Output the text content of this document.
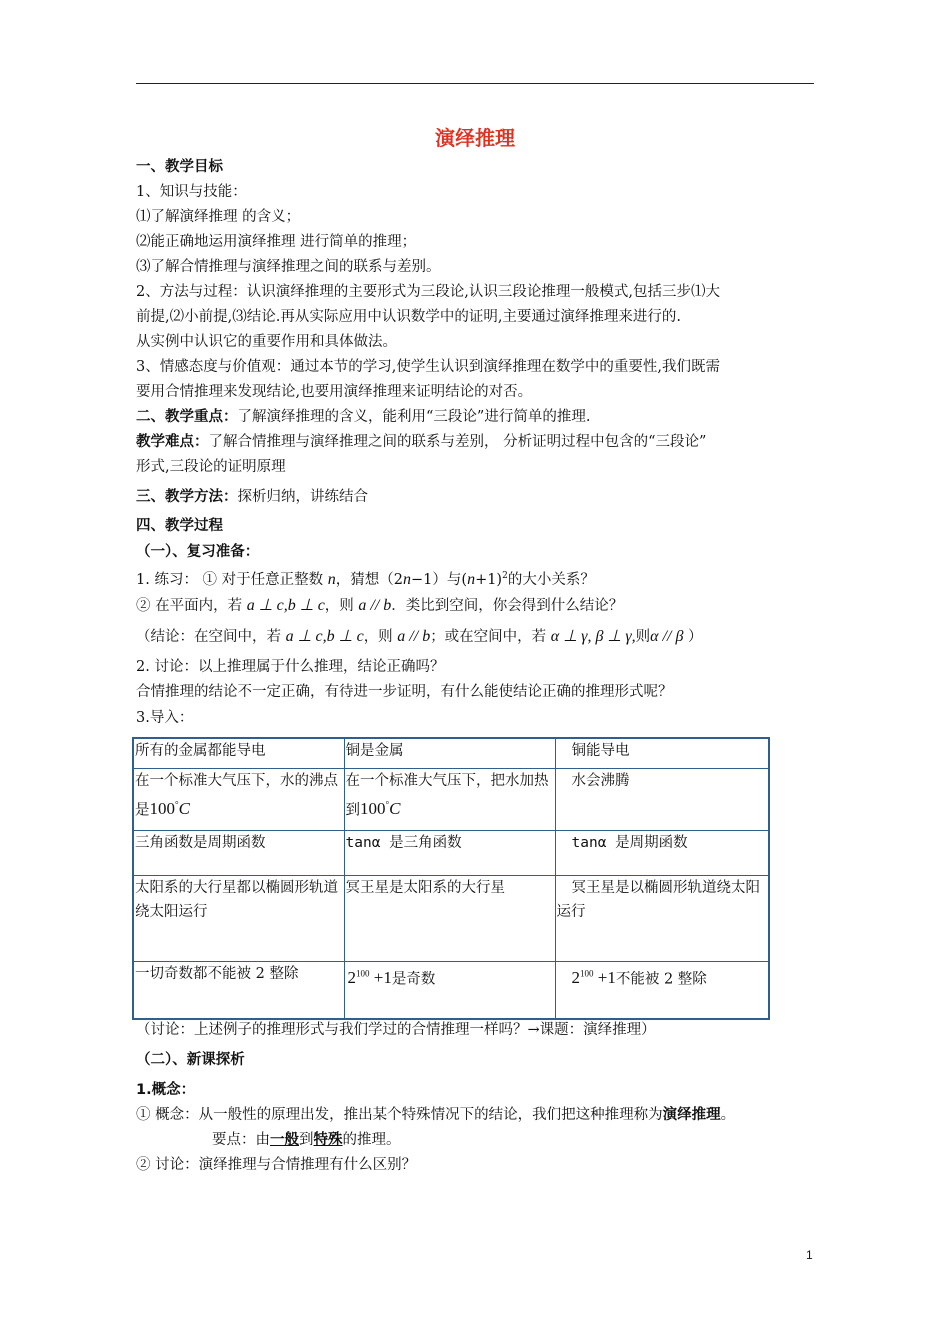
演绎推理
一、教学目标
1、知识与技能：
⑴了解演绎推理 的含义；
⑵能正确地运用演绎推理 进行简单的推理；
⑶了解合情推理与演绎推理之间的联系与差别。
2、方法与过程：认识演绎推理的主要形式为三段论,认识三段论推理一般模式,包括三步⑴大
前提,⑵小前提,⑶结论.再从实际应用中认识数学中的证明,主要通过演绎推理来进行的.
从实例中认识它的重要作用和具体做法。
3、情感态度与价值观：通过本节的学习,使学生认识到演绎推理在数学中的重要性,我们既需
要用合情推理来发现结论,也要用演绎推理来证明结论的对否。
二、教学重点：了解演绎推理的含义，能利用“三段论”进行简单的推理.
教学难点：了解合情推理与演绎推理之间的联系与差别， 分析证明过程中包含的“三段论”
形式,三段论的证明原理
三、教学方法：探析归纳，讲练结合
四、教学过程
（一）、复习准备：
1. 练习： ① 对于任意正整数 n，猜想（2n−1）与$(n+1)^2$的大小关系？
② 在平面内，若 a ⊥ c,b ⊥ c，则 a // b．类比到空间，你会得到什么结论？
（结论：在空间中，若 a ⊥ c,b ⊥ c，则 a // b；或在空间中，若 α ⊥ γ, β ⊥ γ,则α // β ）
2. 讨论：以上推理属于什么推理，结论正确吗？
合情推理的结论不一定正确，有待进一步证明，有什么能使结论正确的推理形式呢？
3.导入：
所有的金属都能导电	铜是金属	铜能导电
在一个标准大气压下，水的沸点是100°C	在一个标准大气压下，把水加热到100°C	水会沸腾
三角函数是周期函数	tanα 是三角函数	tanα 是周期函数
太阳系的大行星都以椭圆形轨道绕太阳运行	冥王星是太阳系的大行星	冥王星是以椭圆形轨道绕太阳运行
一切奇数都不能被 2 整除	$2^{100} +1$是奇数	$2^{100} +1$不能被 2 整除
（讨论：上述例子的推理形式与我们学过的合情推理一样吗？→课题：演绎推理）
（二）、新课探析
1.概念：
① 概念：从一般性的原理出发，推出某个特殊情况下的结论，我们把这种推理称为演绎推理。
要点：由一般到特殊的推理。
② 讨论：演绎推理与合情推理有什么区别？
1
